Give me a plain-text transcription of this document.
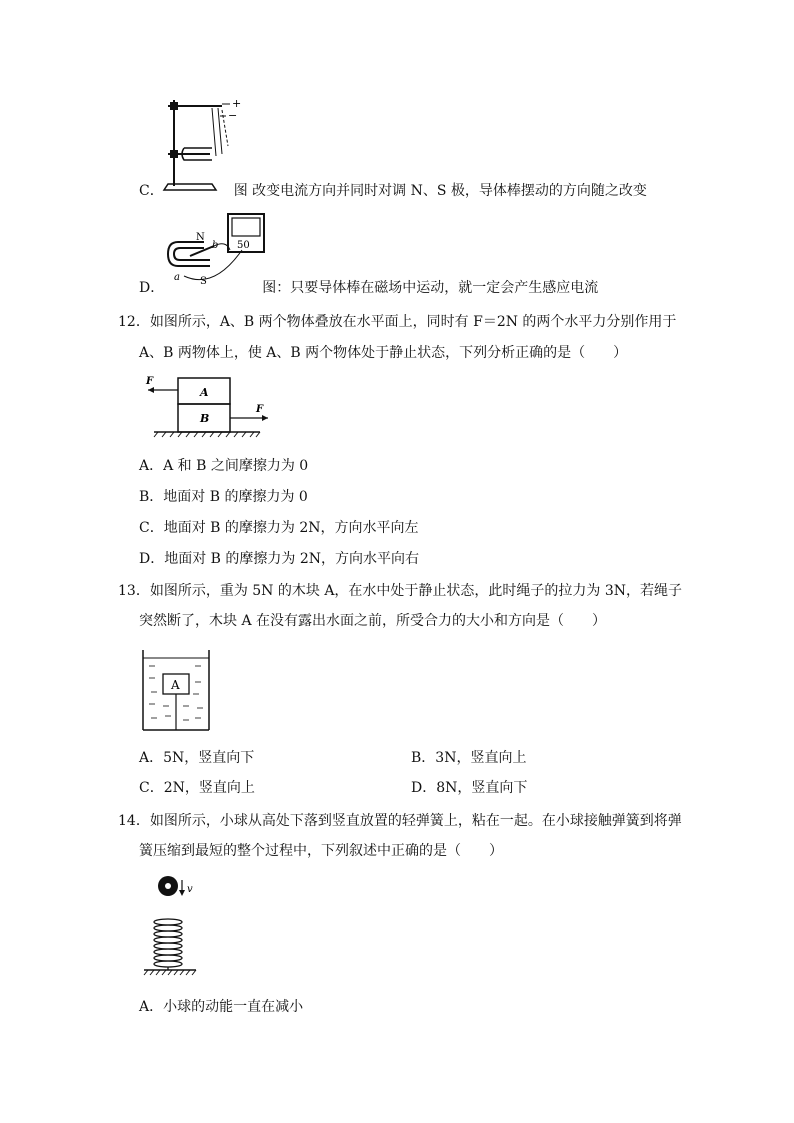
+
−
C．	图 改变电流方向并同时对调 N、S 极，导体棒摆动的方向随之改变
N
S
a
b 50
D．	图：只要导体棒在磁场中运动，就一定会产生感应电流
12．如图所示，A、B 两个物体叠放在水平面上，同时有 F＝2N 的两个水平力分别作用于
A、B 两物体上，使 A、B 两个物体处于静止状态，下列分析正确的是（　　）
A
B
F
F
A．A 和 B 之间摩擦力为 0
B．地面对 B 的摩擦力为 0
C．地面对 B 的摩擦力为 2N，方向水平向左
D．地面对 B 的摩擦力为 2N，方向水平向右
13．如图所示，重为 5N 的木块 A，在水中处于静止状态，此时绳子的拉力为 3N，若绳子
突然断了，木块 A 在没有露出水面之前，所受合力的大小和方向是（　　）
A
A．5N，竖直向下	B．3N，竖直向上
C．2N，竖直向上	D．8N，竖直向下
14．如图所示，小球从高处下落到竖直放置的轻弹簧上，粘在一起。在小球接触弹簧到将弹
簧压缩到最短的整个过程中，下列叙述中正确的是（　　）
v
A．小球的动能一直在减小
